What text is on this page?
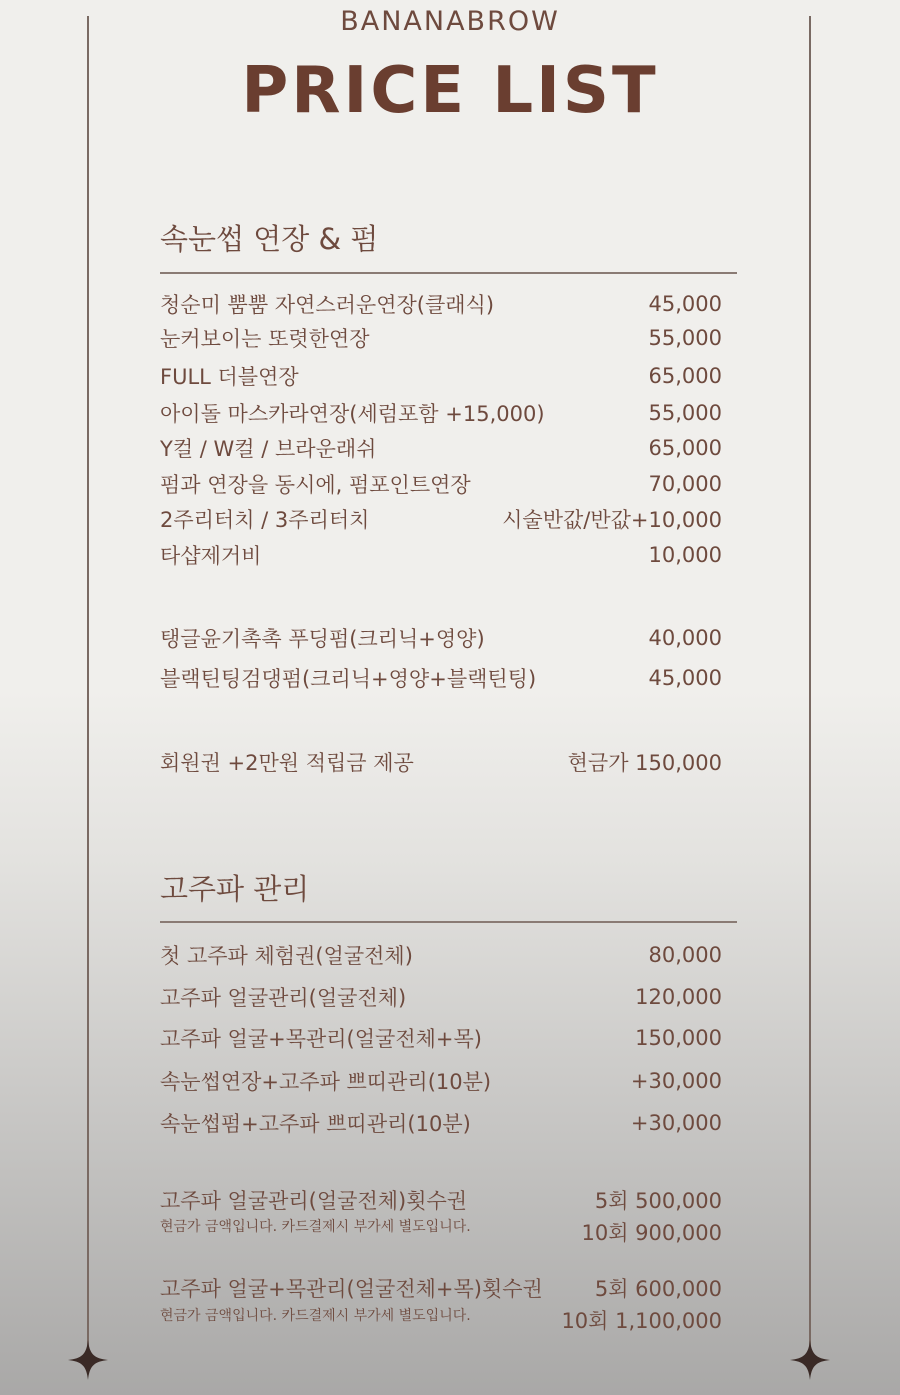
BANANABROW
PRICE LIST
속눈썹 연장 & 펌
청순미 뿜뿜 자연스러운연장(클래식)	45,000
눈커보이는 또렷한연장	55,000
FULL 더블연장	65,000
아이돌 마스카라연장(세럼포함 +15,000)	55,000
Y컬 / W컬 / 브라운래쉬	65,000
펌과 연장을 동시에, 펌포인트연장	70,000
2주리터치 / 3주리터치	시술반값/반값+10,000
타샵제거비	10,000
탱글윤기촉촉 푸딩펌(크리닉+영양)	40,000
블랙틴팅검댕펌(크리닉+영양+블랙틴팅)	45,000
회원권 +2만원 적립금 제공	현금가 150,000
고주파 관리
첫 고주파 체험권(얼굴전체)	80,000
고주파 얼굴관리(얼굴전체)	120,000
고주파 얼굴+목관리(얼굴전체+목)	150,000
속눈썹연장+고주파 쁘띠관리(10분)	+30,000
속눈썹펌+고주파 쁘띠관리(10분)	+30,000
고주파 얼굴관리(얼굴전체)횟수권	5회 500,000
현금가 금액입니다. 카드결제시 부가세 별도입니다.	10회 900,000
고주파 얼굴+목관리(얼굴전체+목)횟수권 5회 600,000
현금가 금액입니다. 카드결제시 부가세 별도입니다.	10회 1,100,000
